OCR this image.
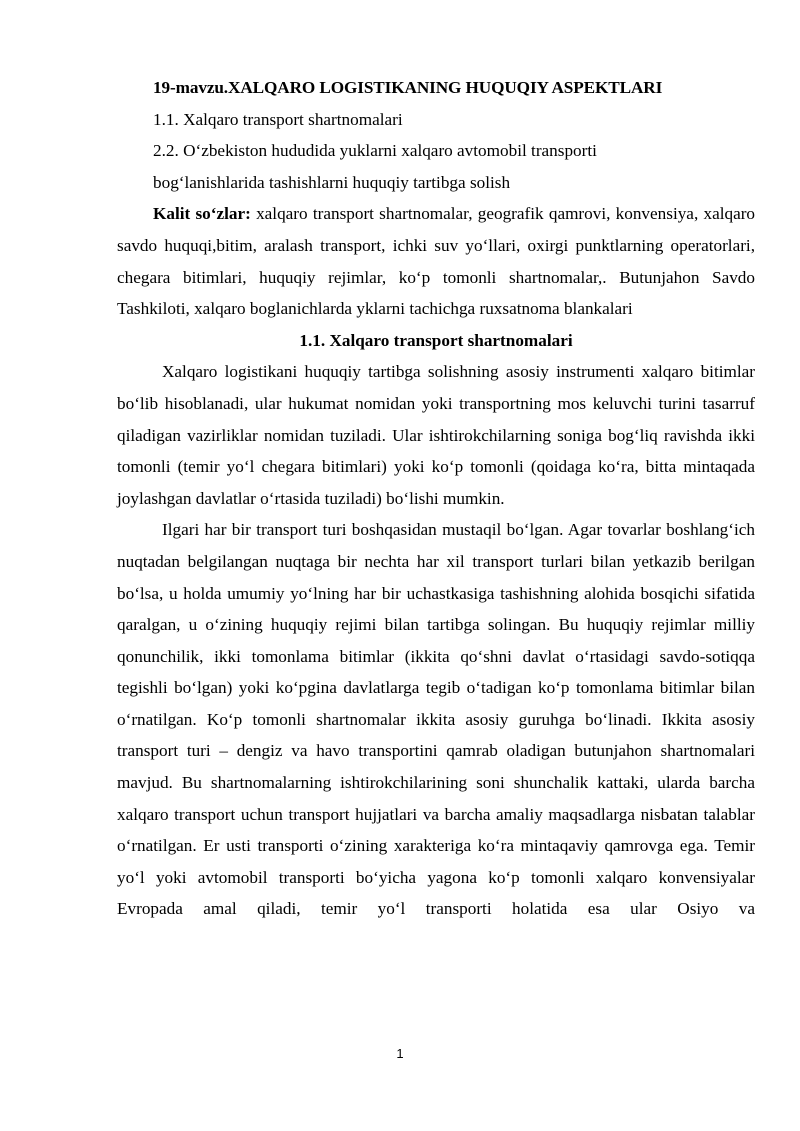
19-mavzu.XALQARO LOGISTIKANING HUQUQIY ASPEKTLARI

1.1. Xalqaro transport shartnomalari

2.2. O‘zbekiston hududida yuklarni xalqaro avtomobil transporti

bog‘lanishlarida tashishlarni huquqiy tartibga solish

Kalit so‘zlar: xalqaro transport shartnomalar, geografik qamrovi, konvensiya, xalqaro savdo huquqi,bitim, aralash transport, ichki suv yo‘llari, oxirgi punktlarning operatorlari, chegara bitimlari, huquqiy rejimlar, ko‘p tomonli shartnomalar,. Butunjahon Savdo Tashkiloti, xalqaro boglanichlarda yklarni tachichga ruxsatnoma blankalari

1.1. Xalqaro transport shartnomalari

Xalqaro logistikani huquqiy tartibga solishning asosiy instrumenti xalqaro bitimlar bo‘lib hisoblanadi, ular hukumat nomidan yoki transportning mos keluvchi turini tasarruf qiladigan vazirliklar nomidan tuziladi. Ular ishtirokchilarning soniga bog‘liq ravishda ikki tomonli (temir yo‘l chegara bitimlari) yoki ko‘p tomonli (qoidaga ko‘ra, bitta mintaqada joylashgan davlatlar o‘rtasida tuziladi) bo‘lishi mumkin.

Ilgari har bir transport turi boshqasidan mustaqil bo‘lgan. Agar tovarlar boshlang‘ich nuqtadan belgilangan nuqtaga bir nechta har xil transport turlari bilan yetkazib berilgan bo‘lsa, u holda umumiy yo‘lning har bir uchastkasiga tashishning alohida bosqichi sifatida qaralgan, u o‘zining huquqiy rejimi bilan tartibga solingan. Bu huquqiy rejimlar milliy qonunchilik, ikki tomonlama bitimlar (ikkita qo‘shni davlat o‘rtasidagi savdo-sotiqqa tegishli bo‘lgan) yoki ko‘pgina davlatlarga tegib o‘tadigan ko‘p tomonlama bitimlar bilan o‘rnatilgan. Ko‘p tomonli shartnomalar ikkita asosiy guruhga bo‘linadi. Ikkita asosiy transport turi – dengiz va havo transportini qamrab oladigan butunjahon shartnomalari mavjud. Bu shartnomalarning ishtirokchilarining soni shunchalik kattaki, ularda barcha xalqaro transport uchun transport hujjatlari va barcha amaliy maqsadlarga nisbatan talablar o‘rnatilgan. Er usti transporti o‘zining xarakteriga ko‘ra mintaqaviy qamrovga ega. Temir yo‘l yoki avtomobil transporti bo‘yicha yagona ko‘p tomonli xalqaro konvensiyalar Evropada amal qiladi, temir yo‘l transporti holatida esa ular Osiyo va

1
